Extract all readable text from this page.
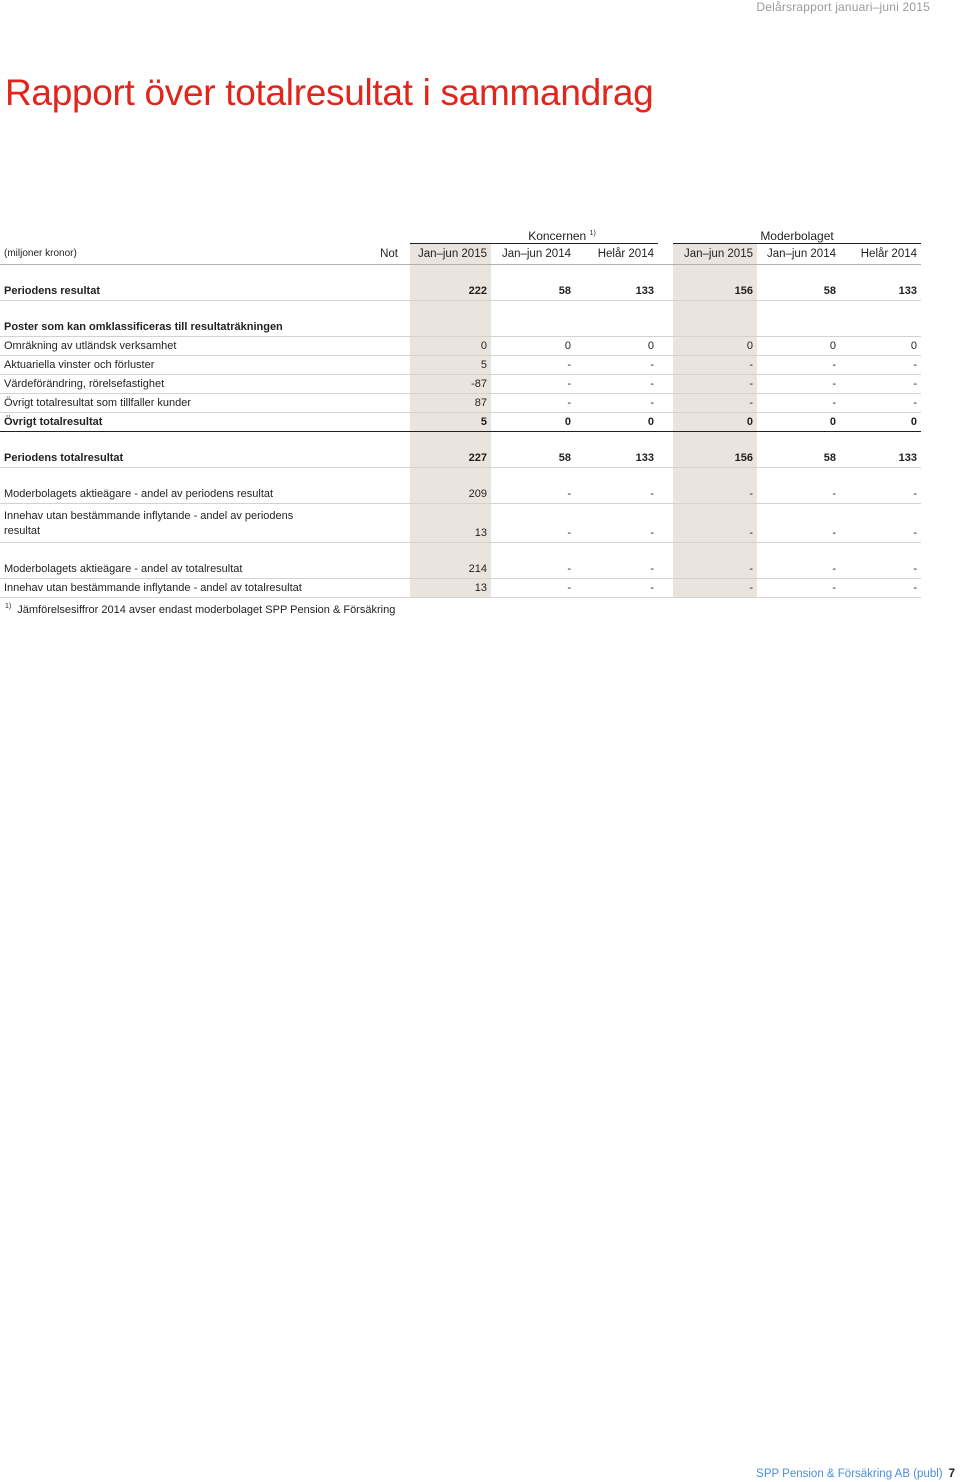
Delårsrapport januari–juni 2015
Rapport över totalresultat i sammandrag
			Koncernen $^{1)}$				Moderbolaget		
(miljoner kronor)	Not		Jan–jun 2015	Jan–jun 2014	Helår 2014		Jan–jun 2015	Jan–jun 2014	Helår 2014

Periodens resultat			222	58	133		156	58	133

Poster som kan omklassificeras till resultaträkningen									
Omräkning av utländsk verksamhet			0	0	0		0	0	0
Aktuariella vinster och förluster			5	-	-		-	-	-
Värdeförändring, rörelsefastighet			-87	-	-		-	-	-
Övrigt totalresultat som tillfaller kunder			87	-	-		-	-	-
Övrigt totalresultat			5	0	0		0	0	0

Periodens totalresultat			227	58	133		156	58	133

Moderbolagets aktieägare - andel av periodens resultat			209	-	-		-	-	-
Innehav utan bestämmande inflytande - andel av periodens resultat			13	-	-		-	-	-

Moderbolagets aktieägare - andel av totalresultat			214	-	-		-	-	-
Innehav utan bestämmande inflytande - andel av totalresultat			13	-	-		-	-	-
$^{1)}$ Jämförelsesiffror 2014 avser endast moderbolaget SPP Pension & Försäkring
SPP Pension & Försäkring AB (publ) 7
